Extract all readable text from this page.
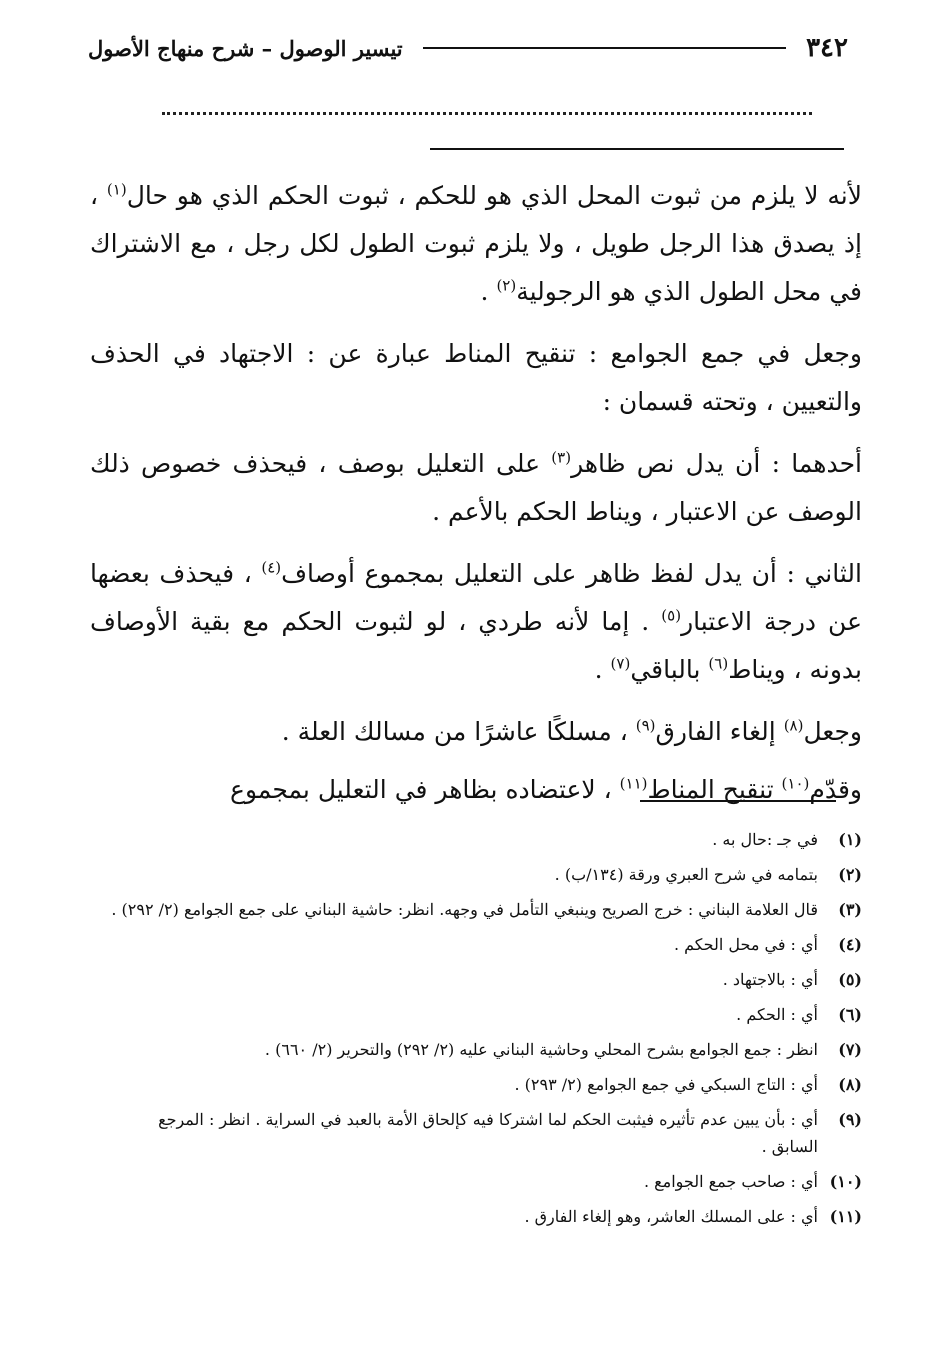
٣٤٢
تيسير الوصول – شرح منهاج الأصول

لأنه لا يلزم من ثبوت المحل الذي هو للحكم ، ثبوت الحكم الذي هو حال$^{(١)}$ ، إذ يصدق هذا الرجل طويل ، ولا يلزم ثبوت الطول لكل رجل ، مع الاشتراك في محل الطول الذي هو الرجولية$^{(٢)}$ .

وجعل في جمع الجوامع : تنقيح المناط عبارة عن : الاجتهاد في الحذف والتعيين ، وتحته قسمان :

أحدهما : أن يدل نص ظاهر$^{(٣)}$ على التعليل بوصف ، فيحذف خصوص ذلك الوصف عن الاعتبار ، ويناط الحكم بالأعم .

الثاني : أن يدل لفظ ظاهر على التعليل بمجموع أوصاف$^{(٤)}$ ، فيحذف بعضها عن درجة الاعتبار$^{(٥)}$ . إما لأنه طردي ، لو لثبوت الحكم مع بقية الأوصاف بدونه ، ويناط$^{(٦)}$ بالباقي$^{(٧)}$ .

وجعل$^{(٨)}$ إلغاء الفارق$^{(٩)}$ ، مسلكًا عاشرًا من مسالك العلة .

وقدّم$^{(١٠)}$ تنقيح المناط$^{(١١)}$ ، لاعتضاده بظاهر في التعليل بمجموع

(١)
في جـ :حال به .
(٢)
بتمامه في شرح العبري ورقة (١٣٤/ب) .
(٣)
قال العلامة البناني : خرج الصريح وينبغي التأمل في وجهه. انظر: حاشية البناني على جمع الجوامع (٢/ ٢٩٢) .
(٤)
أي : في محل الحكم .
(٥)
أي : بالاجتهاد .
(٦)
أي : الحكم .
(٧)
انظر : جمع الجوامع بشرح المحلي وحاشية البناني عليه (٢/ ٢٩٢) والتحرير (٢/ ٦٦٠) .
(٨)
أي : التاج السبكي في جمع الجوامع (٢/ ٢٩٣) .
(٩)
أي : بأن يبين عدم تأثيره فيثبت الحكم لما اشتركا فيه كإلحاق الأمة بالعبد في السراية . انظر : المرجع السابق .
(١٠)
أي : صاحب جمع الجوامع .
(١١)
أي : على المسلك العاشر، وهو إلغاء الفارق .
